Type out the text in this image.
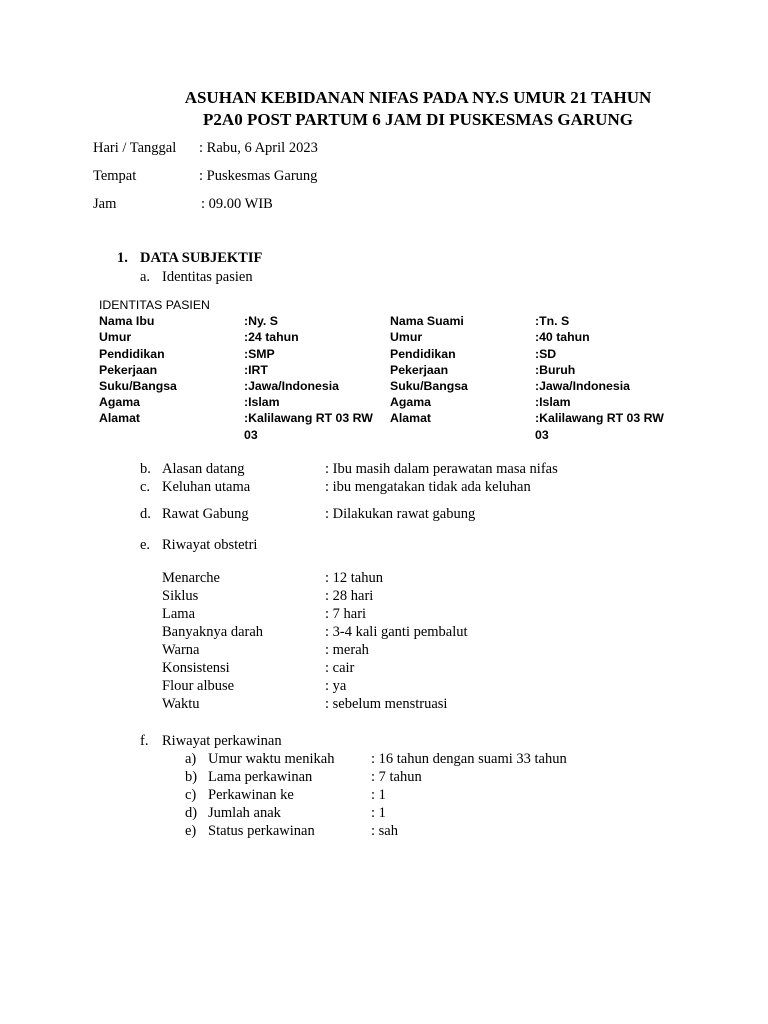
ASUHAN KEBIDANAN NIFAS PADA NY.S UMUR 21 TAHUN
P2A0 POST PARTUM 6 JAM DI PUSKESMAS GARUNG
Hari / Tanggal : Rabu, 6 April 2023
Tempat	: Puskesmas Garung
Jam	: 09.00 WIB
1. DATA SUBJEKTIF
a. Identitas pasien
IDENTITAS PASIEN
Nama Ibu	:Ny. S	Nama Suami	:Tn. S
Umur	:24 tahun	Umur	:40 tahun
Pendidikan	:SMP	Pendidikan	:SD
Pekerjaan	:IRT	Pekerjaan	:Buruh
Suku/Bangsa	:Jawa/Indonesia	Suku/Bangsa	:Jawa/Indonesia
Agama	:Islam	Agama	:Islam
Alamat	:Kalilawang RT 03 RW Alamat	:Kalilawang RT 03 RW
03	03
b. Alasan datang	: Ibu masih dalam perawatan masa nifas
c. Keluhan utama	: ibu mengatakan tidak ada keluhan
d. Rawat Gabung	: Dilakukan rawat gabung
e. Riwayat obstetri
Menarche	: 12 tahun
Siklus	: 28 hari
Lama	: 7 hari
Banyaknya darah	: 3-4 kali ganti pembalut
Warna	: merah
Konsistensi	: cair
Flour albuse	: ya
Waktu	: sebelum menstruasi
f. Riwayat perkawinan
a) Umur waktu menikah	: 16 tahun dengan suami 33 tahun
b) Lama perkawinan	: 7 tahun
c) Perkawinan ke	: 1
d) Jumlah anak	: 1
e) Status perkawinan	: sah
